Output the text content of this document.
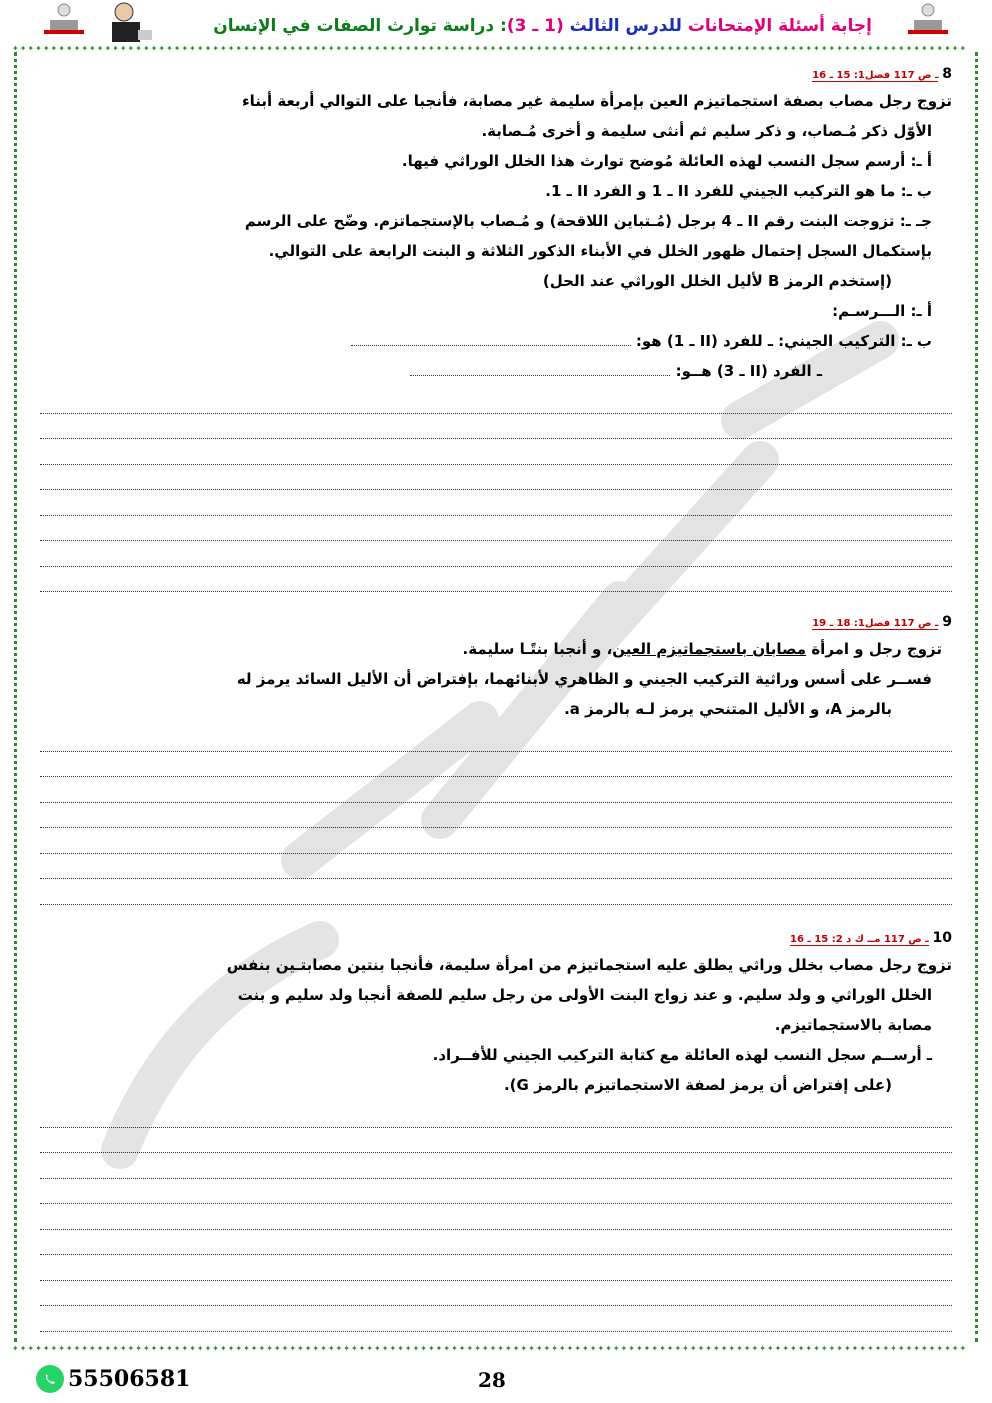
إجابة أسئلة الإمتحانات للدرس الثالث (1 ـ 3): دراسة توارث الصفات في الإنسان
✦✦✦✦✦✦✦✦✦✦✦✦✦✦✦✦✦✦✦✦✦✦✦✦✦✦✦✦✦✦✦✦✦✦✦✦✦✦✦✦✦✦✦✦✦✦✦✦✦✦✦✦✦✦✦✦✦✦✦✦✦✦✦✦✦✦✦✦✦✦✦✦✦✦✦✦✦✦✦✦✦✦✦✦✦✦✦✦✦✦✦✦✦✦✦✦✦✦✦✦✦✦✦✦✦✦✦✦✦✦✦✦✦✦✦✦✦✦✦✦✦✦✦✦
✦✦✦✦✦✦✦✦✦✦✦✦✦✦✦✦✦✦✦✦✦✦✦✦✦✦✦✦✦✦✦✦✦✦✦✦✦✦✦✦✦✦✦✦✦✦✦✦✦✦✦✦✦✦✦✦✦✦✦✦✦✦✦✦✦✦✦✦✦✦✦✦✦✦✦✦✦✦✦✦✦✦✦✦✦✦✦✦✦✦✦✦✦✦✦✦✦✦✦✦✦✦✦✦✦✦✦✦✦✦✦✦✦✦✦✦✦✦✦✦✦✦✦✦
8 ـ ص 117 فصل1: 15 ـ 16
تزوج رجل مصاب بصفة استجماتيزم العين بإمرأة سليمة غير مصابة، فأنجبا على التوالي أربعة أبناء
الأوّل ذكر مُـصاب، و ذكر سليم ثم أنثى سليمة و أخرى مُـصابة.
أ ـ: أرسم سجل النسب لهذه العائلة مُوضح توارث هذا الخلل الوراثي فيها.
ب ـ: ما هو التركيب الجيني للفرد II ـ 1 و الفرد II ـ 1.
جـ ـ: تزوجت البنت رقم II ـ 4 برجل (مُـتباين اللاقحة) و مُـصاب بالإستجماتزم. وضّح على الرسم
بإستكمال السجل إحتمال ظهور الخلل في الأبناء الذكور الثلاثة و البنت الرابعة على التوالي.
(إستخدم الرمز B لأليل الخلل الوراثي عند الحل)
أ ـ: الـــرسـم:
ب ـ: التركيب الجيني: ـ للفرد (II ـ 1) هو:
ـ الفرد (II ـ 3) هــو:
9 ـ ص 117 فصل1: 18 ـ 19
تزوج رجل و امرأة مصابان باستجماتيزم العين، و أنجبا بنتًـا سليمة.
فســر على أسس وراثية التركيب الجيني و الظاهري لأبنائهما، بإفتراض أن الأليل السائد يرمز له
بالرمز A، و الأليل المتنحي يرمز لـه بالرمز a.
10 ـ ص 117 مــ ك د 2: 15 ـ 16
تزوج رجل مصاب بخلل وراثي يطلق عليه استجماتيزم من امرأة سليمة، فأنجبا بنتين مصابتـين بنفس
الخلل الوراثي و ولد سليم. و عند زواج البنت الأولى من رجل سليم للصفة أنجبا ولد سليم و بنت
مصابة بالاستجماتيزم.
ـ أرســم سجل النسب لهذه العائلة مع كتابة التركيب الجيني للأفــراد.
(على إفتراض أن يرمز لصفة الاستجماتيزم بالرمز G).
55506581	28
